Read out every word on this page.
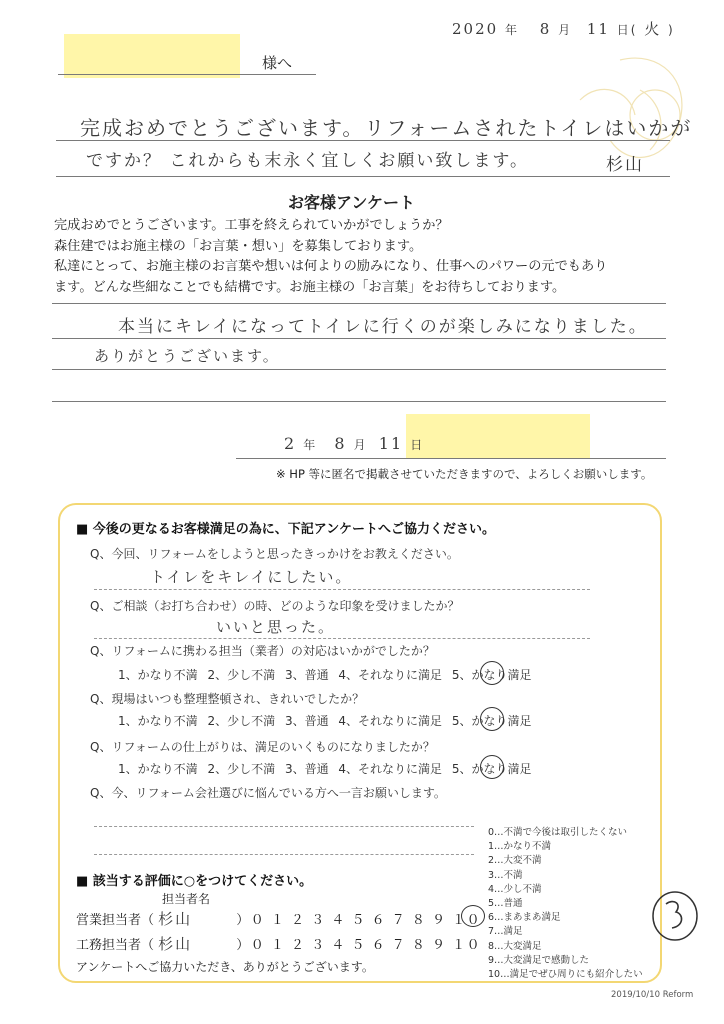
2020 年 8 月 11 日( 火 )
様へ
完成おめでとうございます。リフォームされたトイレはいかが
ですか？ これからも末永く宜しくお願い致します。	杉山
お客様アンケート
完成おめでとうございます。工事を終えられていかがでしょうか？
森住建ではお施主様の「お言葉・想い」を募集しております。
私達にとって、お施主様のお言葉や想いは何よりの励みになり、仕事へのパワーの元でもあり
ます。どんな些細なことでも結構です。お施主様の「お言葉」をお待ちしております。
本当にキレイになってトイレに行くのが楽しみになりました。
ありがとうございます。
2 年 8 月 11 日
※ HP 等に匿名で掲載させていただきますので、よろしくお願いします。
■ 今後の更なるお客様満足の為に、下記アンケートへご協力ください。
Q、今回、リフォームをしようと思ったきっかけをお教えください。
トイレをキレイにしたい。
Q、ご相談（お打ち合わせ）の時、どのような印象を受けましたか？
いいと思った。
Q、リフォームに携わる担当（業者）の対応はいかがでしたか？
1、かなり不満 2、少し不満 3、普通 4、それなりに満足 5、かなり満足
Q、現場はいつも整理整頓され、きれいでしたか？
1、かなり不満 2、少し不満 3、普通 4、それなりに満足 5、かなり満足
Q、リフォームの仕上がりは、満足のいくものになりましたか？
1、かなり不満 2、少し不満 3、普通 4、それなりに満足 5、かなり満足
Q、今、リフォーム会社選びに悩んでいる方へ一言お願いします。
■ 該当する評価に○をつけてください。
担当者名
営業担当者（ 杉山	）０ １ ２ ３ ４ ５ ６ ７ ８ ９ １０
工務担当者（ 杉山	）０ １ ２ ３ ４ ５ ６ ７ ８ ９ １０
アンケートへご協力いただき、ありがとうございます。
0…不満で今後は取引したくない
1…かなり不満
2…大変不満
3…不満
4…少し不満
5…普通
6…まあまあ満足
7…満足
8…大変満足
9…大変満足で感動した
10…満足でぜひ周りにも紹介したい
2019/10/10 Reform
